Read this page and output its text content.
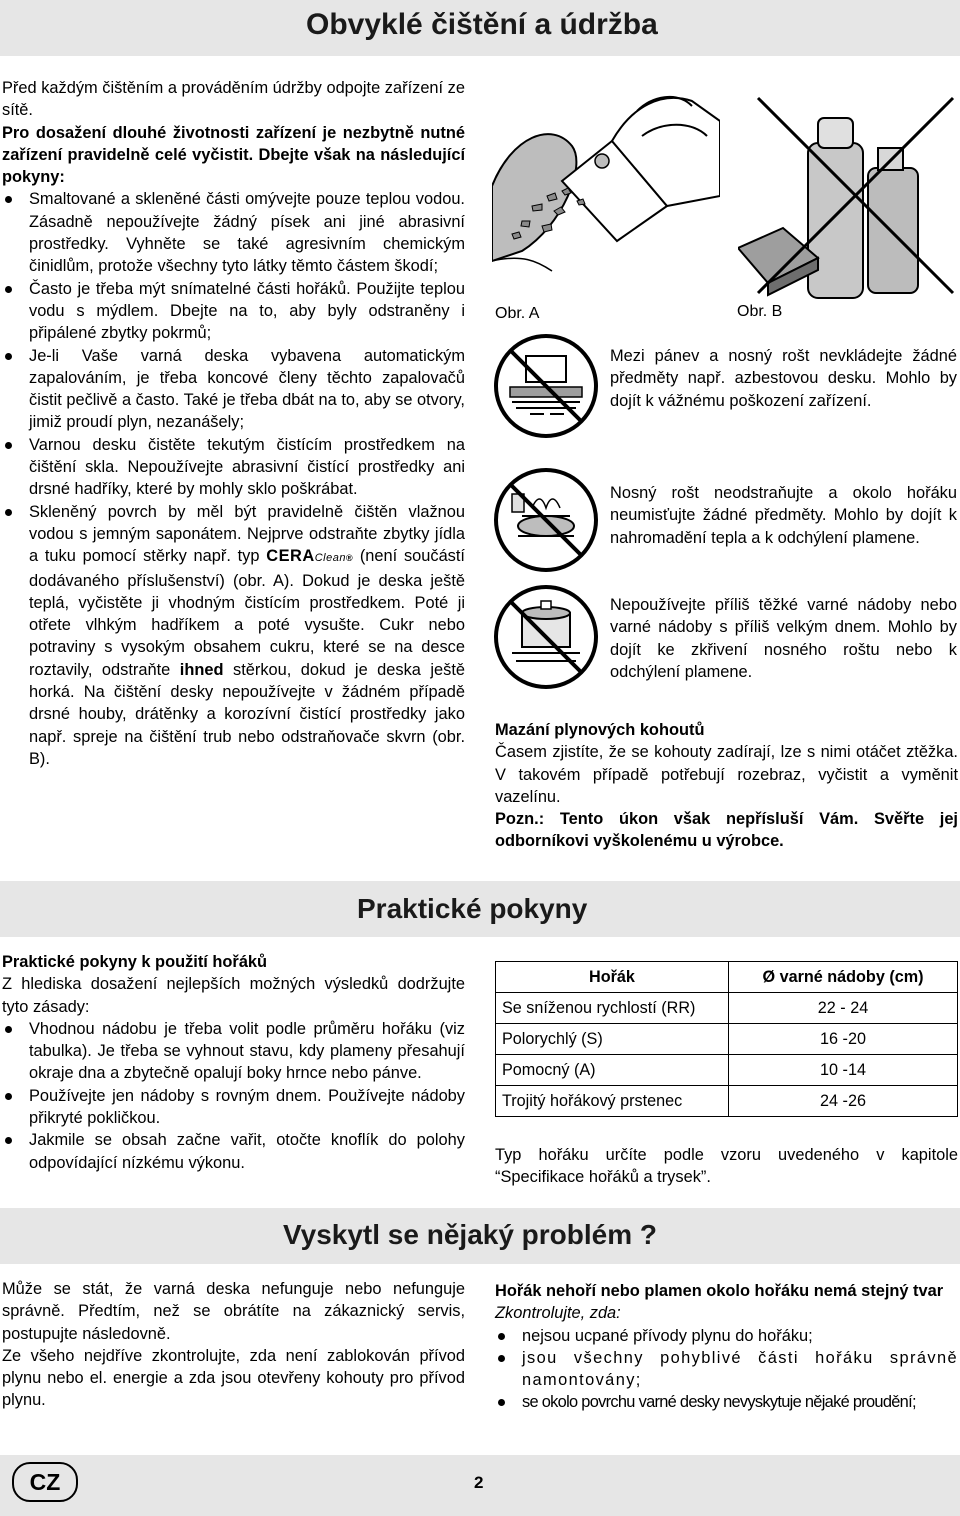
Obvyklé čištění a údržba

Před každým čištěním a prováděním údržby odpojte zařízení ze sítě.

Pro dosažení dlouhé životnosti zařízení je nezbytně nutné zařízení pravidelně celé vyčistit. Dbejte však na následující pokyny:

Smaltované a skleněné části omývejte pouze teplou vodou. Zásadně nepoužívejte žádný písek ani jiné abrasivní prostředky. Vyhněte se také agresivním chemickým činidlům, protože všechny tyto látky těmto částem škodí;
Často je třeba mýt snímatelné části hořáků. Použijte teplou vodu s mýdlem. Dbejte na to, aby byly odstraněny i připálené zbytky pokrmů;
Je-li Vaše varná deska vybavena automatickým zapalováním, je třeba koncové členy těchto zapalovačů čistit pečlivě a často. Také je třeba dbát na to, aby se otvory, jimiž proudí plyn, nezanášely;
Varnou desku čistěte tekutým čistícím prostředkem na čištění skla. Nepoužívejte abrasivní čistící prostředky ani drsné hadříky, které by mohly sklo poškrábat.
Skleněný povrch by měl být pravidelně čištěn vlažnou vodou s jemným saponátem. Nejprve odstraňte zbytky jídla a tuku pomocí stěrky např. typ CERAClean® (není součástí dodávaného příslušenství) (obr. A). Dokud je deska ještě teplá, vyčistěte ji vhodným čistícím prostředkem. Poté ji otřete vlhkým hadříkem a poté vysušte. Cukr nebo potraviny s vysokým obsahem cukru, které se na desce roztavily, odstraňte ihned stěrkou, dokud je deska ještě horká. Na čištění desky nepoužívejte v žádném případě drsné houby, drátěnky a korozívní čistící prostředky jako např. spreje na čištění trub nebo odstraňovače skvrn (obr. B).
Obr. A	Obr. B
Mezi pánev a nosný rošt nevkládejte žádné předměty např. azbestovou desku. Mohlo by dojít k vážnému poškození zařízení.
Nosný rošt neodstraňujte a okolo hořáku neumisťujte žádné předměty. Mohlo by dojít k nahromadění tepla a k odchýlení plamene.
Nepoužívejte příliš těžké varné nádoby nebo varné nádoby s příliš velkým dnem. Mohlo by dojít ke zkřivení nosného roštu nebo k odchýlení plamene.

Mazání plynových kohoutů

Časem zjistíte, že se kohouty zadírají, lze s nimi otáčet ztěžka. V takovém případě potřebují rozebraz, vyčistit a vyměnit vazelínu.

Pozn.: Tento úkon však nepřísluší Vám. Svěřte jej odborníkovi vyškolenému u výrobce.

Praktické pokyny

Praktické pokyny k použití hořáků

Z hlediska dosažení nejlepších možných výsledků dodržujte tyto zásady:

Vhodnou nádobu je třeba volit podle průměru hořáku (viz tabulka). Je třeba se vyhnout stavu, kdy plameny přesahují okraje dna a zbytečně opalují boky hrnce nebo pánve.
Používejte jen nádoby s rovným dnem. Používejte nádoby přikryté pokličkou.
Jakmile se obsah začne vařit, otočte knoflík do polohy odpovídající nízkému výkonu.
Hořák	Ø varné nádoby (cm)
Se sníženou rychlostí (RR)	22 - 24
Polorychlý (S)	16 -20
Pomocný (A)	10 -14
Trojitý hořákový prstenec	24 -26
Typ hořáku určíte podle vzoru uvedeného v kapitole “Specifikace hořáků a trysek”.
Vyskytl se nějaký problém ?

Může se stát, že varná deska nefunguje nebo nefunguje správně. Předtím, než se obrátíte na zákaznický servis, postupujte následovně.

Ze všeho nejdříve zkontrolujte, zda není zablokován přívod plynu nebo el. energie a zda jsou otevřeny kohouty pro přívod plynu.

Hořák nehoří nebo plamen okolo hořáku nemá stejný tvar

Zkontrolujte, zda:

nejsou ucpané přívody plynu do hořáku;
jsou všechny pohyblivé části hořáku správně namontovány;
se okolo povrchu varné desky nevyskytuje nějaké proudění;
CZ	2
